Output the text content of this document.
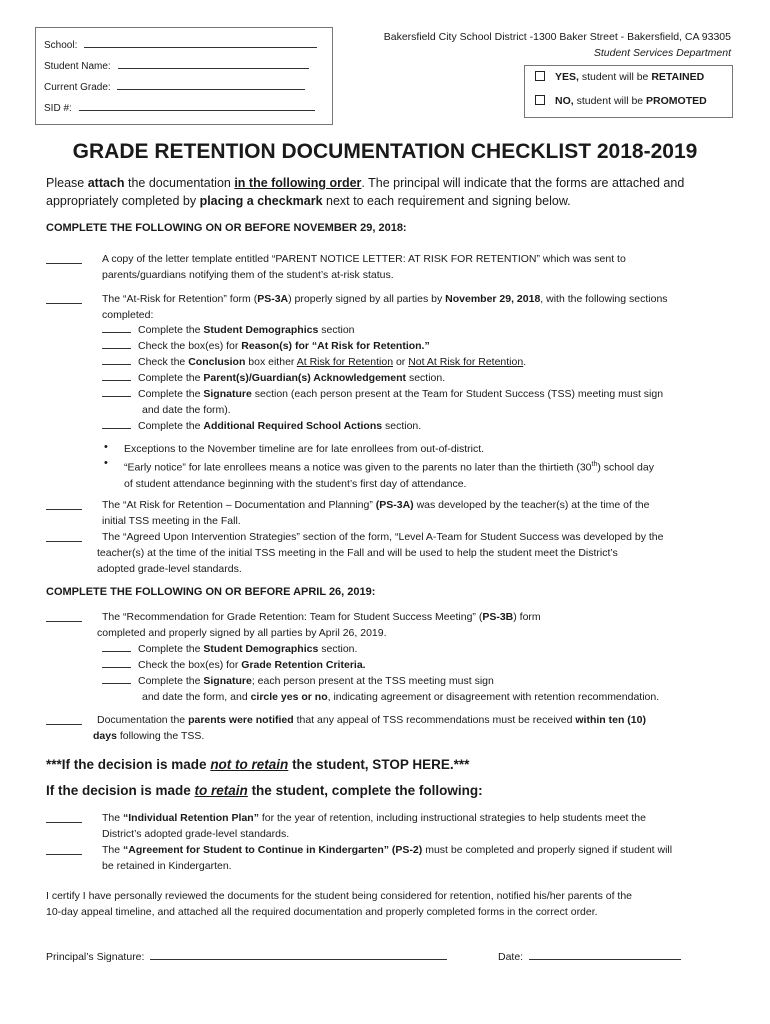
School:
Student Name:
Current Grade:
SID #:
Bakersfield City School District -1300 Baker Street - Bakersfield, CA 93305
Student Services Department
YES, student will be RETAINED
NO, student will be PROMOTED
GRADE RETENTION DOCUMENTATION CHECKLIST 2018-2019
Please attach the documentation in the following order. The principal will indicate that the forms are attached and
appropriately completed by placing a checkmark next to each requirement and signing below.
COMPLETE THE FOLLOWING ON OR BEFORE NOVEMBER 29, 2018:
A copy of the letter template entitled “PARENT NOTICE LETTER: AT RISK FOR RETENTION” which was sent to
parents/guardians notifying them of the student’s at-risk status.
The “At-Risk for Retention” form (PS-3A) properly signed by all parties by November 29, 2018, with the following sections
completed:
Complete the Student Demographics section
Check the box(es) for Reason(s) for “At Risk for Retention.”
Check the Conclusion box either At Risk for Retention or Not At Risk for Retention.
Complete the Parent(s)/Guardian(s) Acknowledgement section.
Complete the Signature section (each person present at the Team for Student Success (TSS) meeting must sign
and date the form).
Complete the Additional Required School Actions section.
• Exceptions to the November timeline are for late enrollees from out-of-district.
• “Early notice” for late enrollees means a notice was given to the parents no later than the thirtieth (30th) school day
of student attendance beginning with the student’s first day of attendance.
The “At Risk for Retention – Documentation and Planning” (PS-3A) was developed by the teacher(s) at the time of the
initial TSS meeting in the Fall.
The “Agreed Upon Intervention Strategies” section of the form, “Level A-Team for Student Success was developed by the
teacher(s) at the time of the initial TSS meeting in the Fall and will be used to help the student meet the District’s
adopted grade-level standards.
COMPLETE THE FOLLOWING ON OR BEFORE APRIL 26, 2019:
The “Recommendation for Grade Retention: Team for Student Success Meeting” (PS-3B) form
completed and properly signed by all parties by April 26, 2019.
Complete the Student Demographics section.
Check the box(es) for Grade Retention Criteria.
Complete the Signature; each person present at the TSS meeting must sign
and date the form, and circle yes or no, indicating agreement or disagreement with retention recommendation.
Documentation the parents were notified that any appeal of TSS recommendations must be received within ten (10)
days following the TSS.
***If the decision is made not to retain the student, STOP HERE.***
If the decision is made to retain the student, complete the following:
The “Individual Retention Plan” for the year of retention, including instructional strategies to help students meet the
District’s adopted grade-level standards.
The “Agreement for Student to Continue in Kindergarten” (PS-2) must be completed and properly signed if student will
be retained in Kindergarten.
I certify I have personally reviewed the documents for the student being considered for retention, notified his/her parents of the
10-day appeal timeline, and attached all the required documentation and properly completed forms in the correct order.
Principal’s Signature:	Date:
